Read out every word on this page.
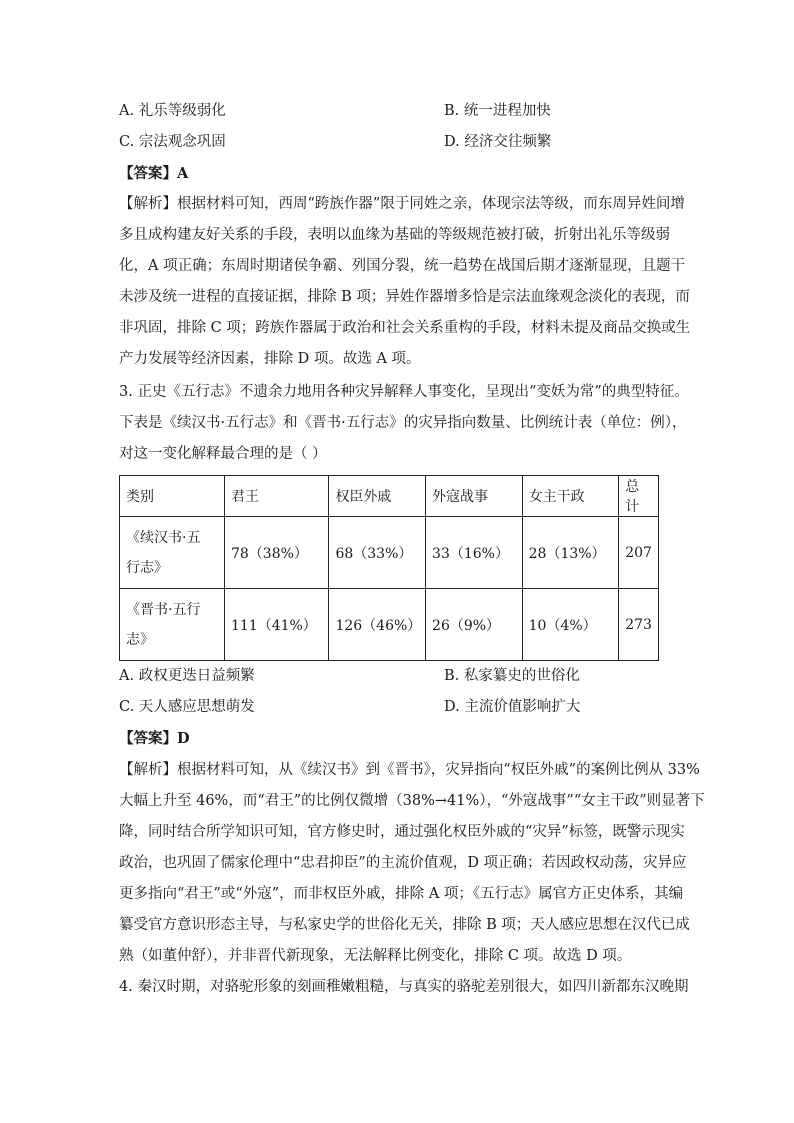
A. 礼乐等级弱化	B. 统一进程加快
C. 宗法观念巩固	D. 经济交往频繁
【答案】A
【解析】根据材料可知，西周“跨族作器”限于同姓之亲，体现宗法等级，而东周异姓间增
多且成构建友好关系的手段，表明以血缘为基础的等级规范被打破，折射出礼乐等级弱
化，A 项正确；东周时期诸侯争霸、列国分裂，统一趋势在战国后期才逐渐显现，且题干
未涉及统一进程的直接证据，排除 B 项；异姓作器增多恰是宗法血缘观念淡化的表现，而
非巩固，排除 C 项；跨族作器属于政治和社会关系重构的手段，材料未提及商品交换或生
产力发展等经济因素，排除 D 项。故选 A 项。
3. 正史《五行志》不遗余力地用各种灾异解释人事变化，呈现出“变妖为常”的典型特征。
下表是《续汉书·五行志》和《晋书·五行志》的灾异指向数量、比例统计表（单位：例），
对这一变化解释最合理的是（ ）
类别	君王	权臣外戚	外寇战事	女主干政	总计

《续汉书·五
行志》	78（38%）	68（33%）	33（16%）	28（13%）	207

《晋书·五行
志》	111（41%）	126（46%）	26（9%）	10（4%）	273
A. 政权更迭日益频繁	B. 私家纂史的世俗化
C. 天人感应思想萌发	D. 主流价值影响扩大
【答案】D
【解析】根据材料可知，从《续汉书》到《晋书》，灾异指向“权臣外戚”的案例比例从 33%
大幅上升至 46%，而“君王”的比例仅微增（38%→41%），“外寇战事”“女主干政”则显著下
降，同时结合所学知识可知，官方修史时，通过强化权臣外戚的“灾异”标签，既警示现实
政治，也巩固了儒家伦理中“忠君抑臣”的主流价值观，D 项正确；若因政权动荡，灾异应
更多指向“君王”或“外寇”，而非权臣外戚，排除 A 项；《五行志》属官方正史体系，其编
纂受官方意识形态主导，与私家史学的世俗化无关，排除 B 项；天人感应思想在汉代已成
熟（如董仲舒），并非晋代新现象，无法解释比例变化，排除 C 项。故选 D 项。
4. 秦汉时期，对骆驼形象的刻画稚嫩粗糙，与真实的骆驼差别很大，如四川新都东汉晚期
